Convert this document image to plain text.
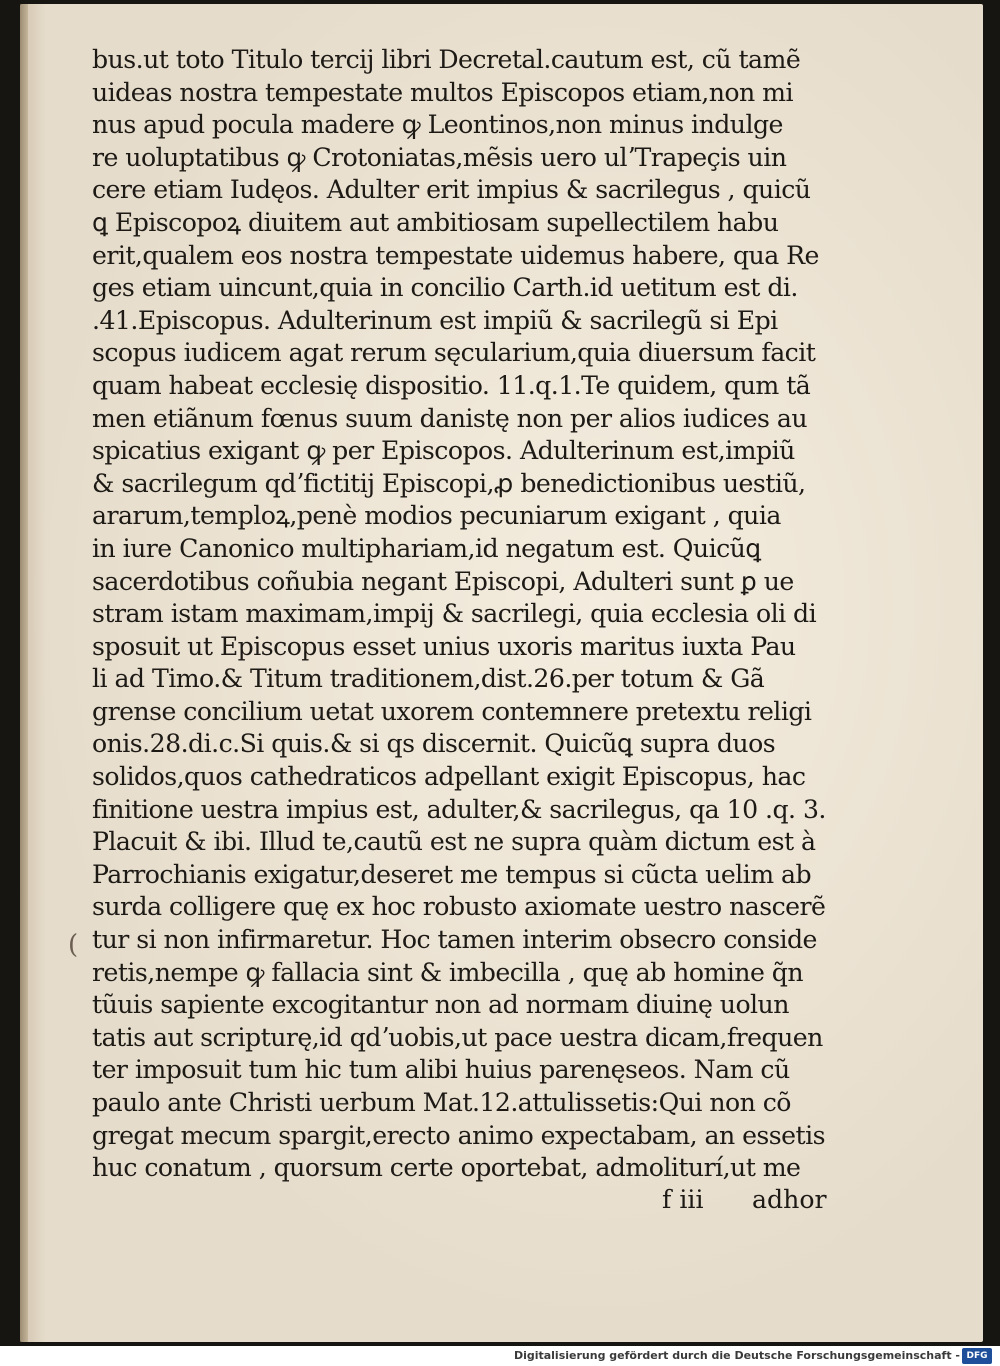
bus.ut toto Titulo tercij libri Decretal.cautum est, cũ tamẽ
uideas nostra tempestate multos Episcopos etiam,non mi
nus apud pocula madere ꝙ Leontinos,non minus indulge
re uoluptatibus ꝙ Crotoniatas,mẽsis uero ulʼTrapeçis uin
cere etiam Iudęos. Adulter erit impius & sacrilegus , quicũ
ꝗ Episcopoꝝ diuitem aut ambitiosam supellectilem habu
erit,qualem eos nostra tempestate uidemus habere, qua Re
ges etiam uincunt,quia in concilio Carth.id uetitum est di.
.41.Episcopus. Adulterinum est impiũ & sacrilegũ si Epi
scopus iudicem agat rerum sęcularium,quia diuersum facit
quam habeat ecclesię dispositio. 11.q.1.Te quidem, qum tã
men etiãnum fœnus suum danistę non per alios iudices au
spicatius exigant ꝙ per Episcopos. Adulterinum est,impiũ
& sacrilegum qdʼfictitij Episcopi,ꝓ benedictionibus uestiũ,
ararum,temploꝝ,penè modios pecuniarum exigant , quia
in iure Canonico multiphariam,id negatum est. Quicũꝗ
sacerdotibus coñubia negant Episcopi, Adulteri sunt ꝑ ue
stram istam maximam,impij & sacrilegi, quia ecclesia oli di
sposuit ut Episcopus esset unius uxoris maritus iuxta Pau
li ad Timo.& Titum traditionem,dist.26.per totum & Gã
grense concilium uetat uxorem contemnere pretextu religi
onis.28.di.c.Si quis.& si qs discernit. Quicũꝗ supra duos
solidos,quos cathedraticos adpellant exigit Episcopus, hac
finitione uestra impius est, adulter,& sacrilegus, qa 10 .q. 3.
Placuit & ibi. Illud te,cautũ est ne supra quàm dictum est à
Parrochianis exigatur,deseret me tempus si cũcta uelim ab
surda colligere quę ex hoc robusto axiomate uestro nascerẽ
tur si non infirmaretur. Hoc tamen interim obsecro conside
retis,nempe ꝙ fallacia sint & imbecilla , quę ab homine q̃n
tũuis sapiente excogitantur non ad normam diuinę uolun
tatis aut scripturę,id qdʼuobis,ut pace uestra dicam,frequen
ter imposuit tum hic tum alibi huius parenęseos. Nam cũ
paulo ante Christi uerbum Mat.12.attulissetis:Qui non cõ
gregat mecum spargit,erecto animo expectabam, an essetis
huc conatum , quorsum certe oportebat, admoliturí,ut me
(
f iii adhor
Digitalisierung gefördert durch die Deutsche Forschungsgemeinschaft - DFG
